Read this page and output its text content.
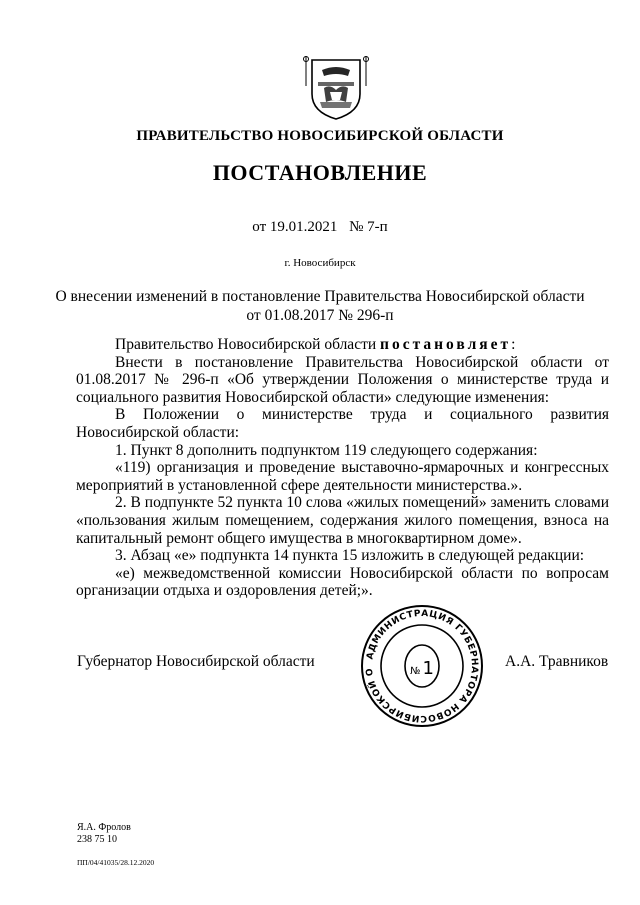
ПРАВИТЕЛЬСТВО НОВОСИБИРСКОЙ ОБЛАСТИ
ПОСТАНОВЛЕНИЕ
от 19.01.2021 № 7-п
г. Новосибирск
О внесении изменений в постановление Правительства Новосибирской области
от 01.08.2017 № 296-п

Правительство Новосибирской области постановляет:

Внести в постановление Правительства Новосибирской области от 01.08.2017 № 296-п «Об утверждении Положения о министерстве труда и социального развития Новосибирской области» следующие изменения:

В Положении о министерстве труда и социального развития Новосибирской области:

1. Пункт 8 дополнить подпунктом 119 следующего содержания:

«119) организация и проведение выставочно-ярмарочных и конгрессных мероприятий в установленной сфере деятельности министерства.».

2. В подпункте 52 пункта 10 слова «жилых помещений» заменить словами «пользования жилым помещением, содержания жилого помещения, взноса на капитальный ремонт общего имущества в многоквартирном доме».

3. Абзац «е» подпункта 14 пункта 15 изложить в следующей редакции:

«е) межведомственной комиссии Новосибирской области по вопросам организации отдыха и оздоровления детей;».

Губернатор Новосибирской области	А.А. Травников
АДМИНИСТРАЦИЯ ГУБЕРНАТОРА НОВОСИБИРСКОЙ О	№ 1
Я.А. Фролов
238 75 10
ПП/04/41035/28.12.2020
